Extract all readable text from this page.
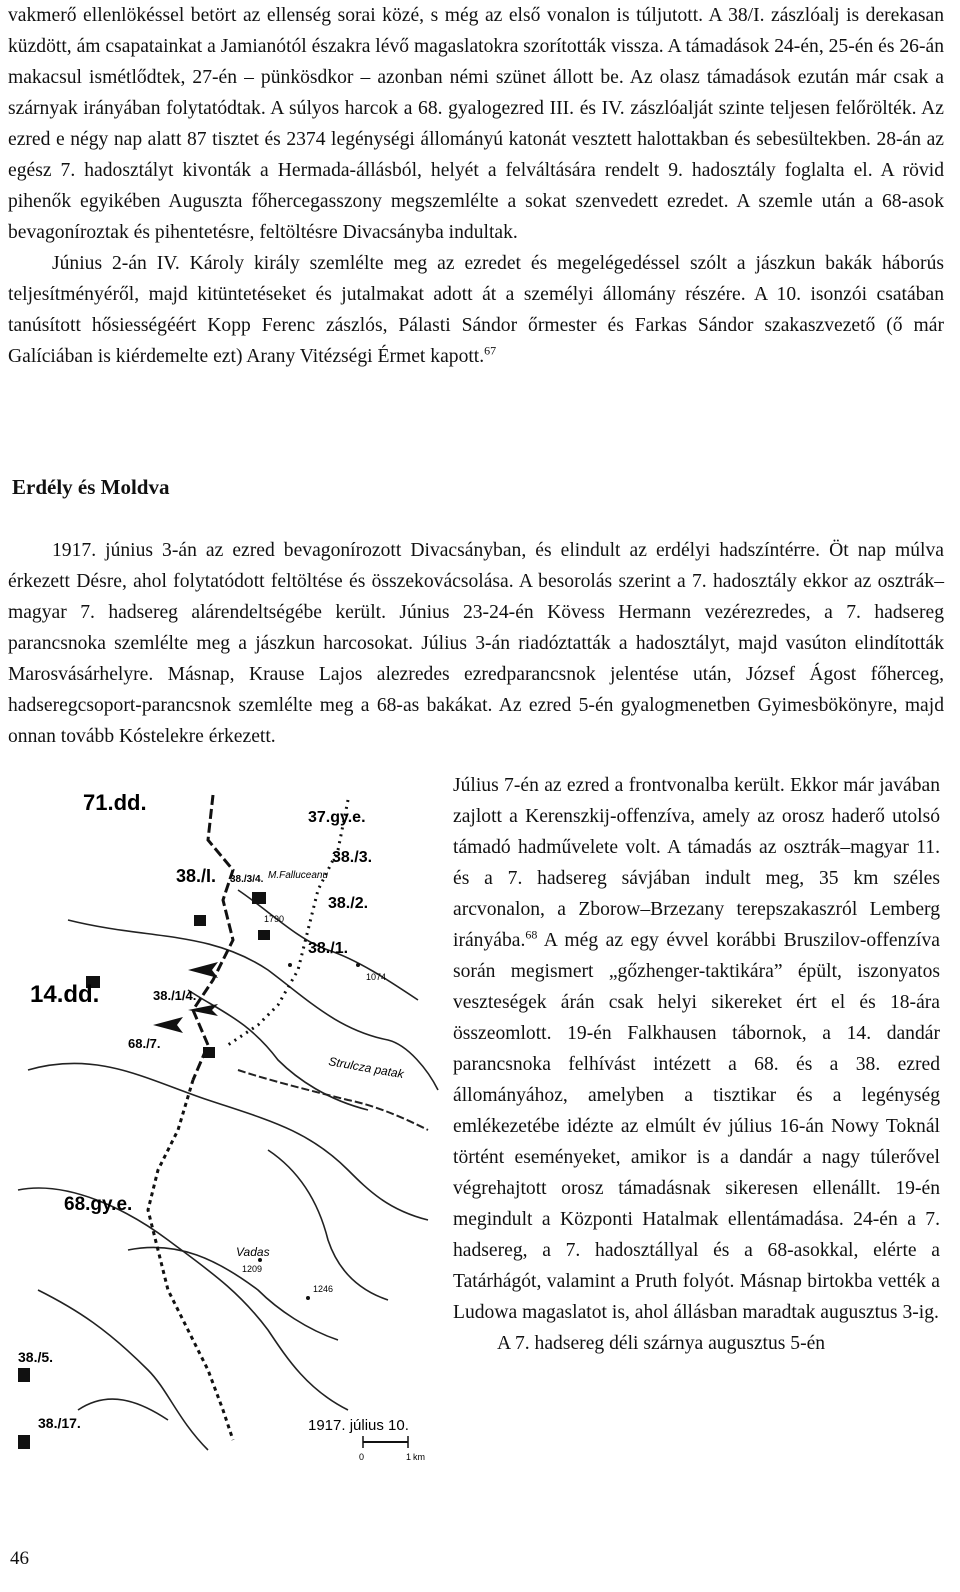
vakmerő ellenlökéssel betört az ellenség sorai közé, s még az első vonalon is túljutott. A 38/I. zászlóalj is derekasan küzdött, ám csapatainkat a Jamianótól északra lévő magaslatokra szorították vissza. A támadások 24-én, 25-én és 26-án makacsul ismétlődtek, 27-én – pünkösdkor – azonban némi szünet állott be. Az olasz támadások ezután már csak a szárnyak irányában folytatódtak. A súlyos harcok a 68. gyalogezred III. és IV. zászlóalját szinte teljesen felőrölték. Az ezred e négy nap alatt 87 tisztet és 2374 legénységi állományú katonát vesztett halottakban és sebesültekben. 28-án az egész 7. hadosztályt kivonták a Hermada-állásból, helyét a felváltására rendelt 9. hadosztály foglalta el. A rövid pihenők egyikében Auguszta főhercegasszony megszemlélte a sokat szenvedett ezredet. A szemle után a 68-asok bevagoníroztak és pihentetésre, feltöltésre Divacsányba indultak.

Június 2-án IV. Károly király szemlélte meg az ezredet és megelégedéssel szólt a jászkun bakák háborús teljesítményéről, majd kitüntetéseket és jutalmakat adott át a személyi állomány részére. A 10. isonzói csatában tanúsított hősiességéért Kopp Ferenc zászlós, Pálasti Sándor őrmester és Farkas Sándor szakaszvezető (ő már Galíciában is kiérdemelte ezt) Arany Vitézségi Érmet kapott.$^{67}$

Erdély és Moldva

1917. június 3-án az ezred bevagonírozott Divacsányban, és elindult az erdélyi hadszíntérre. Öt nap múlva érkezett Désre, ahol folytatódott feltöltése és összekovácsolása. A besorolás szerint a 7. hadosztály ekkor az osztrák–magyar 7. hadsereg alárendeltségébe került. Június 23-24-én Kövess Hermann vezérezredes, a 7. hadsereg parancsnoka szemlélte meg a jászkun harcosokat. Július 3-án riadóztatták a hadosztályt, majd vasúton elindították Marosvásárhelyre. Másnap, Krause Lajos alezredes ezredparancsnok jelentése után, József Ágost főherceg, hadseregcsoport-parancsnok szemlélte meg a 68-as bakákat. Az ezred 5-én gyalogmenetben Gyimesbökönyre, majd onnan tovább Kóstelekre érkezett.

71.dd.
37.gy.e.
38./I. 38./3/4. M.Falluceanu
1790
38./3.
38./2.
38./1.
14.dd.	38./1/4.
68./7.
1074
Strulcza patak
68.gy.e.
Vadas
1209
1246
38./5.
38./17.	1917. július 10.
0	1 km

Július 7-én az ezred a frontvonalba került. Ekkor már javában zajlott a Kerenszkij-offenzíva, amely az orosz haderő utolsó támadó hadművelete volt. A támadás az osztrák–magyar 11. és a 7. hadsereg sávjában indult meg, 35 km széles arcvonalon, a Zborow–Brzezany terepszakaszról Lemberg irányába.$^{68}$ A még az egy évvel korábbi Bruszilov-offenzíva során megismert „gőzhenger-taktikára” épült, iszonyatos veszteségek árán csak helyi sikereket ért el és 18-ára összeomlott. 19-én Falkhausen tábornok, a 14. dandár parancsnoka felhívást intézett a 68. és a 38. ezred állományához, amelyben a tisztikar és a legénység emlékezetébe idézte az elmúlt év július 16-án Nowy Toknál történt eseményeket, amikor is a dandár a nagy túlerővel végrehajtott orosz támadásnak sikeresen ellenállt. 19-én megindult a Központi Hatalmak ellentámadása. 24-én a 7. hadsereg, a 7. hadosztállyal és a 68-asokkal, elérte a Tatárhágót, valamint a Pruth folyót. Másnap birtokba vették a Ludowa magaslatot is, ahol állásban maradtak augusztus 3-ig.

A 7. hadsereg déli szárnya augusztus 5-én

46
